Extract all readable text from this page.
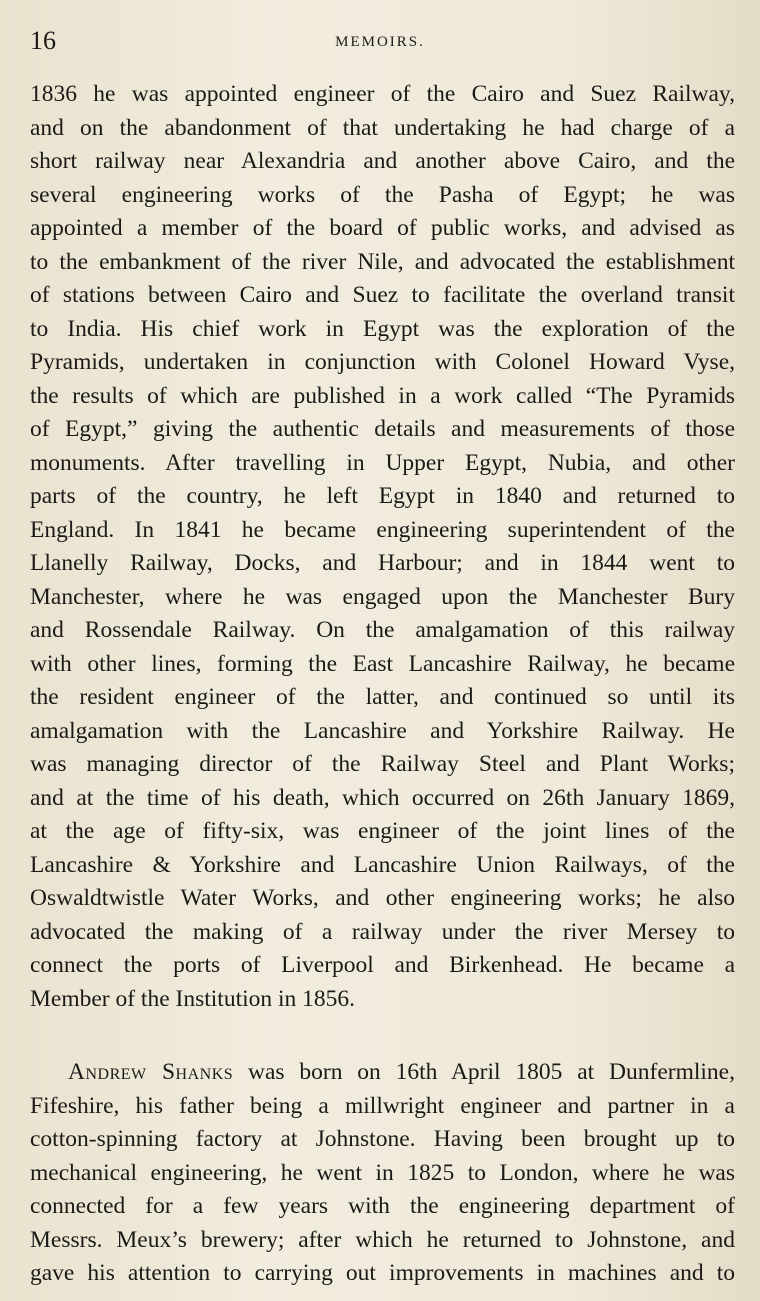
16	MEMOIRS.
1836 he was appointed engineer of the Cairo and Suez Railway,
and on the abandonment of that undertaking he had charge of a
short railway near Alexandria and another above Cairo, and the
several engineering works of the Pasha of Egypt; he was
appointed a member of the board of public works, and advised as
to the embankment of the river Nile, and advocated the establishment
of stations between Cairo and Suez to facilitate the overland transit
to India. His chief work in Egypt was the exploration of the
Pyramids, undertaken in conjunction with Colonel Howard Vyse,
the results of which are published in a work called “The Pyramids
of Egypt,” giving the authentic details and measurements of those
monuments. After travelling in Upper Egypt, Nubia, and other
parts of the country, he left Egypt in 1840 and returned to
England. In 1841 he became engineering superintendent of the
Llanelly Railway, Docks, and Harbour; and in 1844 went to
Manchester, where he was engaged upon the Manchester Bury
and Rossendale Railway. On the amalgamation of this railway
with other lines, forming the East Lancashire Railway, he became
the resident engineer of the latter, and continued so until its
amalgamation with the Lancashire and Yorkshire Railway. He
was managing director of the Railway Steel and Plant Works;
and at the time of his death, which occurred on 26th January 1869,
at the age of fifty-six, was engineer of the joint lines of the
Lancashire & Yorkshire and Lancashire Union Railways, of the
Oswaldtwistle Water Works, and other engineering works; he also
advocated the making of a railway under the river Mersey to
connect the ports of Liverpool and Birkenhead. He became a
Member of the Institution in 1856.
Andrew Shanks was born on 16th April 1805 at Dunfermline,
Fifeshire, his father being a millwright engineer and partner in a
cotton-spinning factory at Johnstone. Having been brought up to
mechanical engineering, he went in 1825 to London, where he was
connected for a few years with the engineering department of
Messrs. Meux’s brewery; after which he returned to Johnstone, and
gave his attention to carrying out improvements in machines and to
